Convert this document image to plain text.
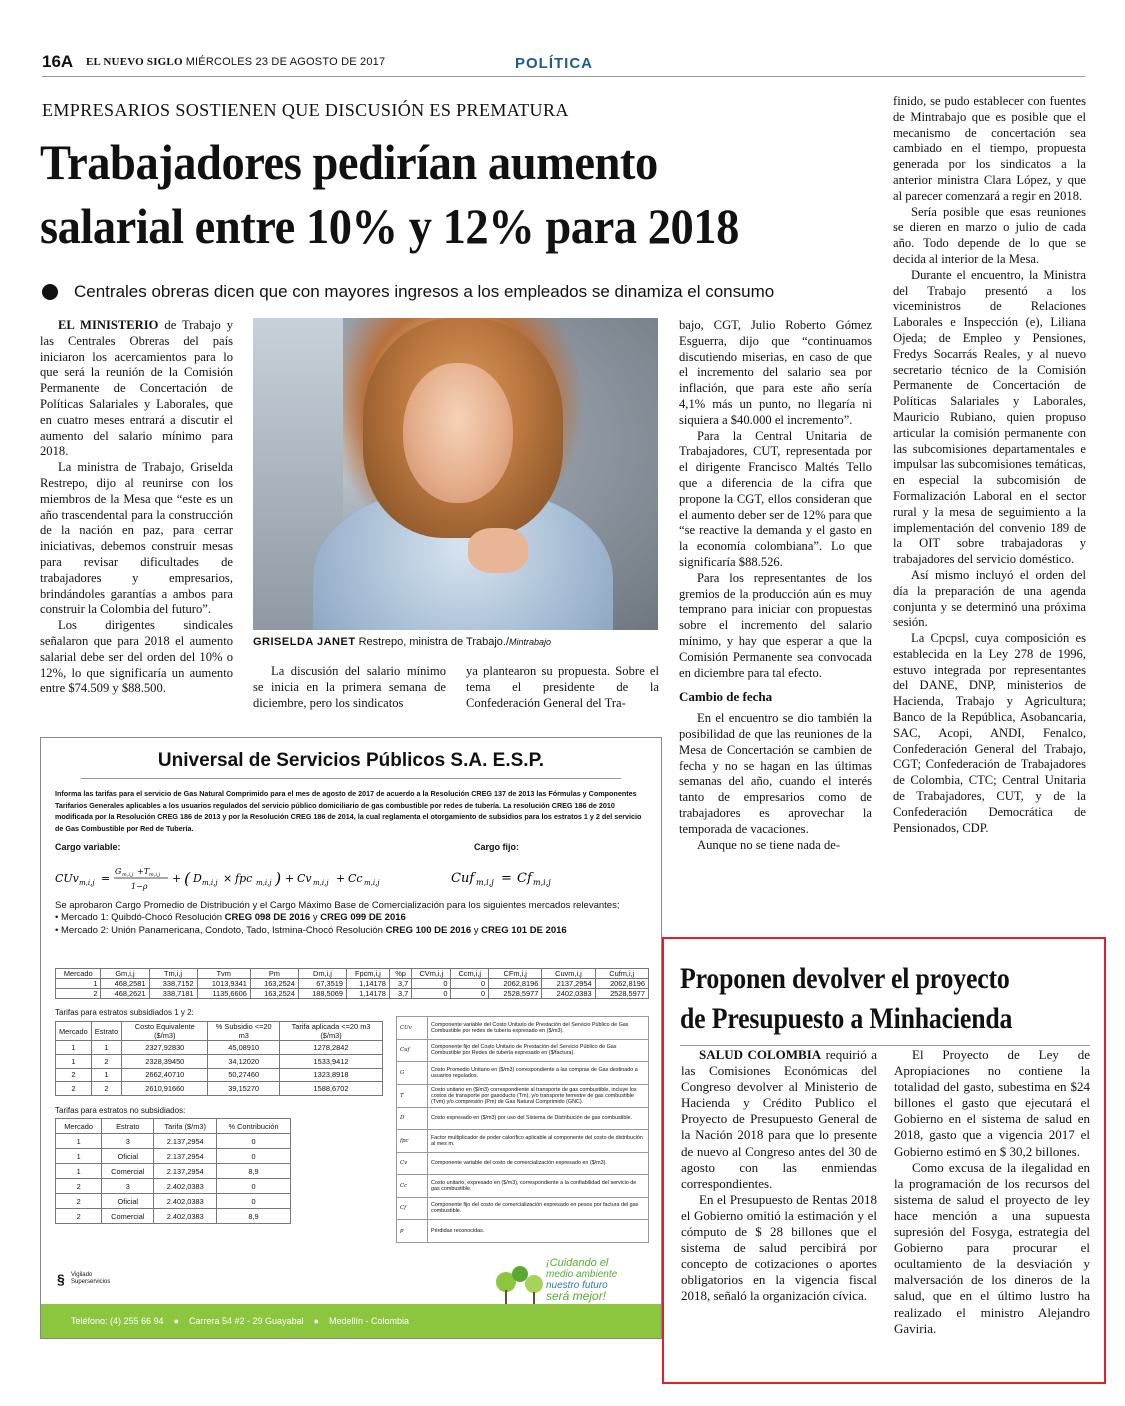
16A EL NUEVO SIGLO MIÉRCOLES 23 DE AGOSTO DE 2017	POLÍTICA
EMPRESARIOS SOSTIENEN QUE DISCUSIÓN ES PREMATURA
Trabajadores pedirían aumento
salarial entre 10% y 12% para 2018
Centrales obreras dicen que con mayores ingresos a los empleados se dinamiza el consumo

EL MINISTERIO de Trabajo y las Centrales Obreras del país iniciaron los acercamientos para lo que será la reunión de la Comisión Permanente de Concertación de Políticas Salariales y Laborales, que en cuatro meses entrará a discutir el aumento del salario mínimo para 2018.

La ministra de Trabajo, Griselda Restrepo, dijo al reunirse con los miembros de la Mesa que “este es un año trascendental para la construcción de la nación en paz, para cerrar iniciativas, debemos construir mesas para revisar dificultades de trabajadores y empresarios, brindándoles garantías a ambos para construir la Colombia del futuro”.

Los dirigentes sindicales señalaron que para 2018 el aumento salarial debe ser del orden del 10% o 12%, lo que significaría un aumento entre $74.509 y $88.500.

GRISELDA JANET Restrepo, ministra de Trabajo./Mintrabajo

La discusión del salario mínimo se inicia en la primera semana de diciembre, pero los sindicatos

ya plantearon su propuesta. Sobre el tema el presidente de la Confederación General del Tra-

bajo, CGT, Julio Roberto Gómez Esguerra, dijo que “continuamos discutiendo miserias, en caso de que el incremento del salario sea por inflación, que para este año sería 4,1% más un punto, no llegaría ni siquiera a $40.000 el incremento”.

Para la Central Unitaria de Trabajadores, CUT, representada por el dirigente Francisco Maltés Tello que a diferencia de la cifra que propone la CGT, ellos consideran que el aumento deber ser de 12% para que “se reactive la demanda y el gasto en la economía colombiana”. Lo que significaría $88.526.

Para los representantes de los gremios de la producción aún es muy temprano para iniciar con propuestas sobre el incremento del salario mínimo, y hay que esperar a que la Comisión Permanente sea convocada en diciembre para tal efecto.

Cambio de fecha

En el encuentro se dio también la posibilidad de que las reuniones de la Mesa de Concertación se cambien de fecha y no se hagan en las últimas semanas del año, cuando el interés tanto de empresarios como de trabajadores es aprovechar la temporada de vacaciones.

Aunque no se tiene nada de-

finido, se pudo establecer con fuentes de Mintrabajo que es posible que el mecanismo de concertación sea cambiado en el tiempo, propuesta generada por los sindicatos a la anterior ministra Clara López, y que al parecer comenzará a regir en 2018.

Sería posible que esas reuniones se dieren en marzo o julio de cada año. Todo depende de lo que se decida al interior de la Mesa.

Durante el encuentro, la Ministra del Trabajo presentó a los viceministros de Relaciones Laborales e Inspección (e), Liliana Ojeda; de Empleo y Pensiones, Fredys Socarrás Reales, y al nuevo secretario técnico de la Comisión Permanente de Concertación de Políticas Salariales y Laborales, Mauricio Rubiano, quien propuso articular la comisión permanente con las subcomisiones departamentales e impulsar las subcomisiones temáticas, en especial la subcomisión de Formalización Laboral en el sector rural y la mesa de seguimiento a la implementación del convenio 189 de la OIT sobre trabajadoras y trabajadores del servicio doméstico.

Así mismo incluyó el orden del día la preparación de una agenda conjunta y se determinó una próxima sesión.

La Cpcpsl, cuya composición es establecida en la Ley 278 de 1996, estuvo integrada por representantes del DANE, DNP, ministerios de Hacienda, Trabajo y Agricultura; Banco de la República, Asobancaria, SAC, Acopi, ANDI, Fenalco, Confederación General del Trabajo, CGT; Confederación de Trabajadores de Colombia, CTC; Central Unitaria de Trabajadores, CUT, y de la Confederación Democrática de Pensionados, CDP.

Universal de Servicios Públicos S.A. E.S.P.
Informa las tarifas para el servicio de Gas Natural Comprimido para el mes de agosto de 2017 de acuerdo a la Resolución CREG 137 de 2013 las Fórmulas y Componentes Tarifarios Generales aplicables a los usuarios regulados del servicio público domiciliario de gas combustible por redes de tubería. La resolución CREG 186 de 2010 modificada por la Resolución CREG 186 de 2013 y por la Resolución CREG 186 de 2014, la cual reglamenta el otorgamiento de subsidios para los estratos 1 y 2 del servicio de Gas Combustible por Red de Tubería.
Cargo variable:	Cargo fijo:
CUv m,i,j =
G m,i,j +T m,i,j
1−ρ
+ ( D m,i,j × fpc m,i,j ) + Cv m,i,j + Cc m,i,j	Cuf m,i,j = Cf m,i,j
Se aprobaron Cargo Promedio de Distribución y el Cargo Máximo Base de Comercialización para los siguientes mercados relevantes;
• Mercado 1: Quibdó-Chocó Resolución CREG 098 DE 2016 y CREG 099 DE 2016
• Mercado 2: Unión Panamericana, Condoto, Tado, Istmina-Chocó Resolución CREG 100 DE 2016 y CREG 101 DE 2016
Mercado	Gm,i,j	Tm,i,j	Tvm	Pm	Dm,i,j	Fpcm,i,j	%p	CVm,i,j	Ccm,i,j	CFm,i,j	Cuvm,i,j	Cufm,i,j
1	468,2581	338,7152	1013,9341	163,2524	67,3519	1,14178	3,7	0	0	2062,8196	2137,2954	2062,8196
2	468,2621	338,7181	1135,6606	163,2524	188,5069	1,14178	3,7	0	0	2528,5977	2402,0383	2528,5977
Tarifas para estratos subsidiados 1 y 2:
Mercado	Estrato	Costo Equivalente ($/m3)	% Subsidio <=20 m3	Tarifa aplicada <=20 m3 ($/m3)
1	1	2327,92830	45,08910	1278,2842
1	2	2328,39450	34,12020	1533,9412
2	1	2662,40710	50,27460	1323,8918
2	2	2610,91660	39,15270	1588,6702
Tarifas para estratos no subsidiados:
Mercado	Estrato	Tarifa ($/m3)	% Contribución
1	3	2.137,2954	0
1	Oficial	2.137,2954	0
1	Comercial	2.137,2954	8,9
2	3	2.402,0383	0
2	Oficial	2.402,0383	0
2	Comercial	2.402,0383	8,9
CUv	Componente variable del Costo Unitario de Prestación del Servicio Público de Gas Combustible por redes de tubería expresado en ($/m3).
Cuf	Componente fijo del Costo Unitario de Prestación del Servicio Público de Gas Combustible por Redes de tubería expresado en ($/factura).
G	Costo Promedio Unitario en ($/m3) correspondiente a las compras de Gas destinado a usuarios regulados.
T	Costo unitario en ($/m3) correspondiente al transporte de gas combustible, incluye los costos de transporte por gasoducto (Tm), y/o transporte terrestre de gas combustible (Tvm) y/o compresión (Pm) de Gas Natural Comprimido (GNC).
D	Costo expresado en ($/m3) por uso del Sistema de Distribución de gas combustible.
fpc	Factor multiplicador de poder calorífico aplicable al componente del costo de distribución al mes m.
Cv	Componente variable del costo de comercialización expresado en ($/m3).
Cc	Costo unitario, expresado en ($/m3), correspondiente a la confiabilidad del servicio de gas combustible.
Cf	Componente fijo del costo de comercialización expresado en pesos por factura del gas combustible.
p	Pérdidas reconocidas.
§	Vigilado
Superservicios
¡Cuidando el
medio ambiente
nuestro futuro
será mejor!
Teléfono: (4) 255 66 94 ● Carrera 54 #2 - 29 Guayabal ● Medellín - Colombia
Proponen devolver el proyecto
de Presupuesto a Minhacienda

SALUD COLOMBIA requirió a las Comisiones Económicas del Congreso devolver al Ministerio de Hacienda y Crédito Publico el Proyecto de Presupuesto General de la Nación 2018 para que lo presente de nuevo al Congreso antes del 30 de agosto con las enmiendas correspondientes.

En el Presupuesto de Rentas 2018 el Gobierno omitió la estimación y el cómputo de $ 28 billones que el sistema de salud percibirá por concepto de cotizaciones o aportes obligatorios en la vigencia fiscal 2018, señaló la organización cívica.

El Proyecto de Ley de Apropiaciones no contiene la totalidad del gasto, subestima en $24 billones el gasto que ejecutará el Gobierno en el sistema de salud en 2018, gasto que a vigencia 2017 el Gobierno estimó en $ 30,2 billones.

Como excusa de la ilegalidad en la programación de los recursos del sistema de salud el proyecto de ley hace mención a una supuesta supresión del Fosyga, estrategia del Gobierno para procurar el ocultamiento de la desviación y malversación de los dineros de la salud, que en el último lustro ha realizado el ministro Alejandro Gaviria.
